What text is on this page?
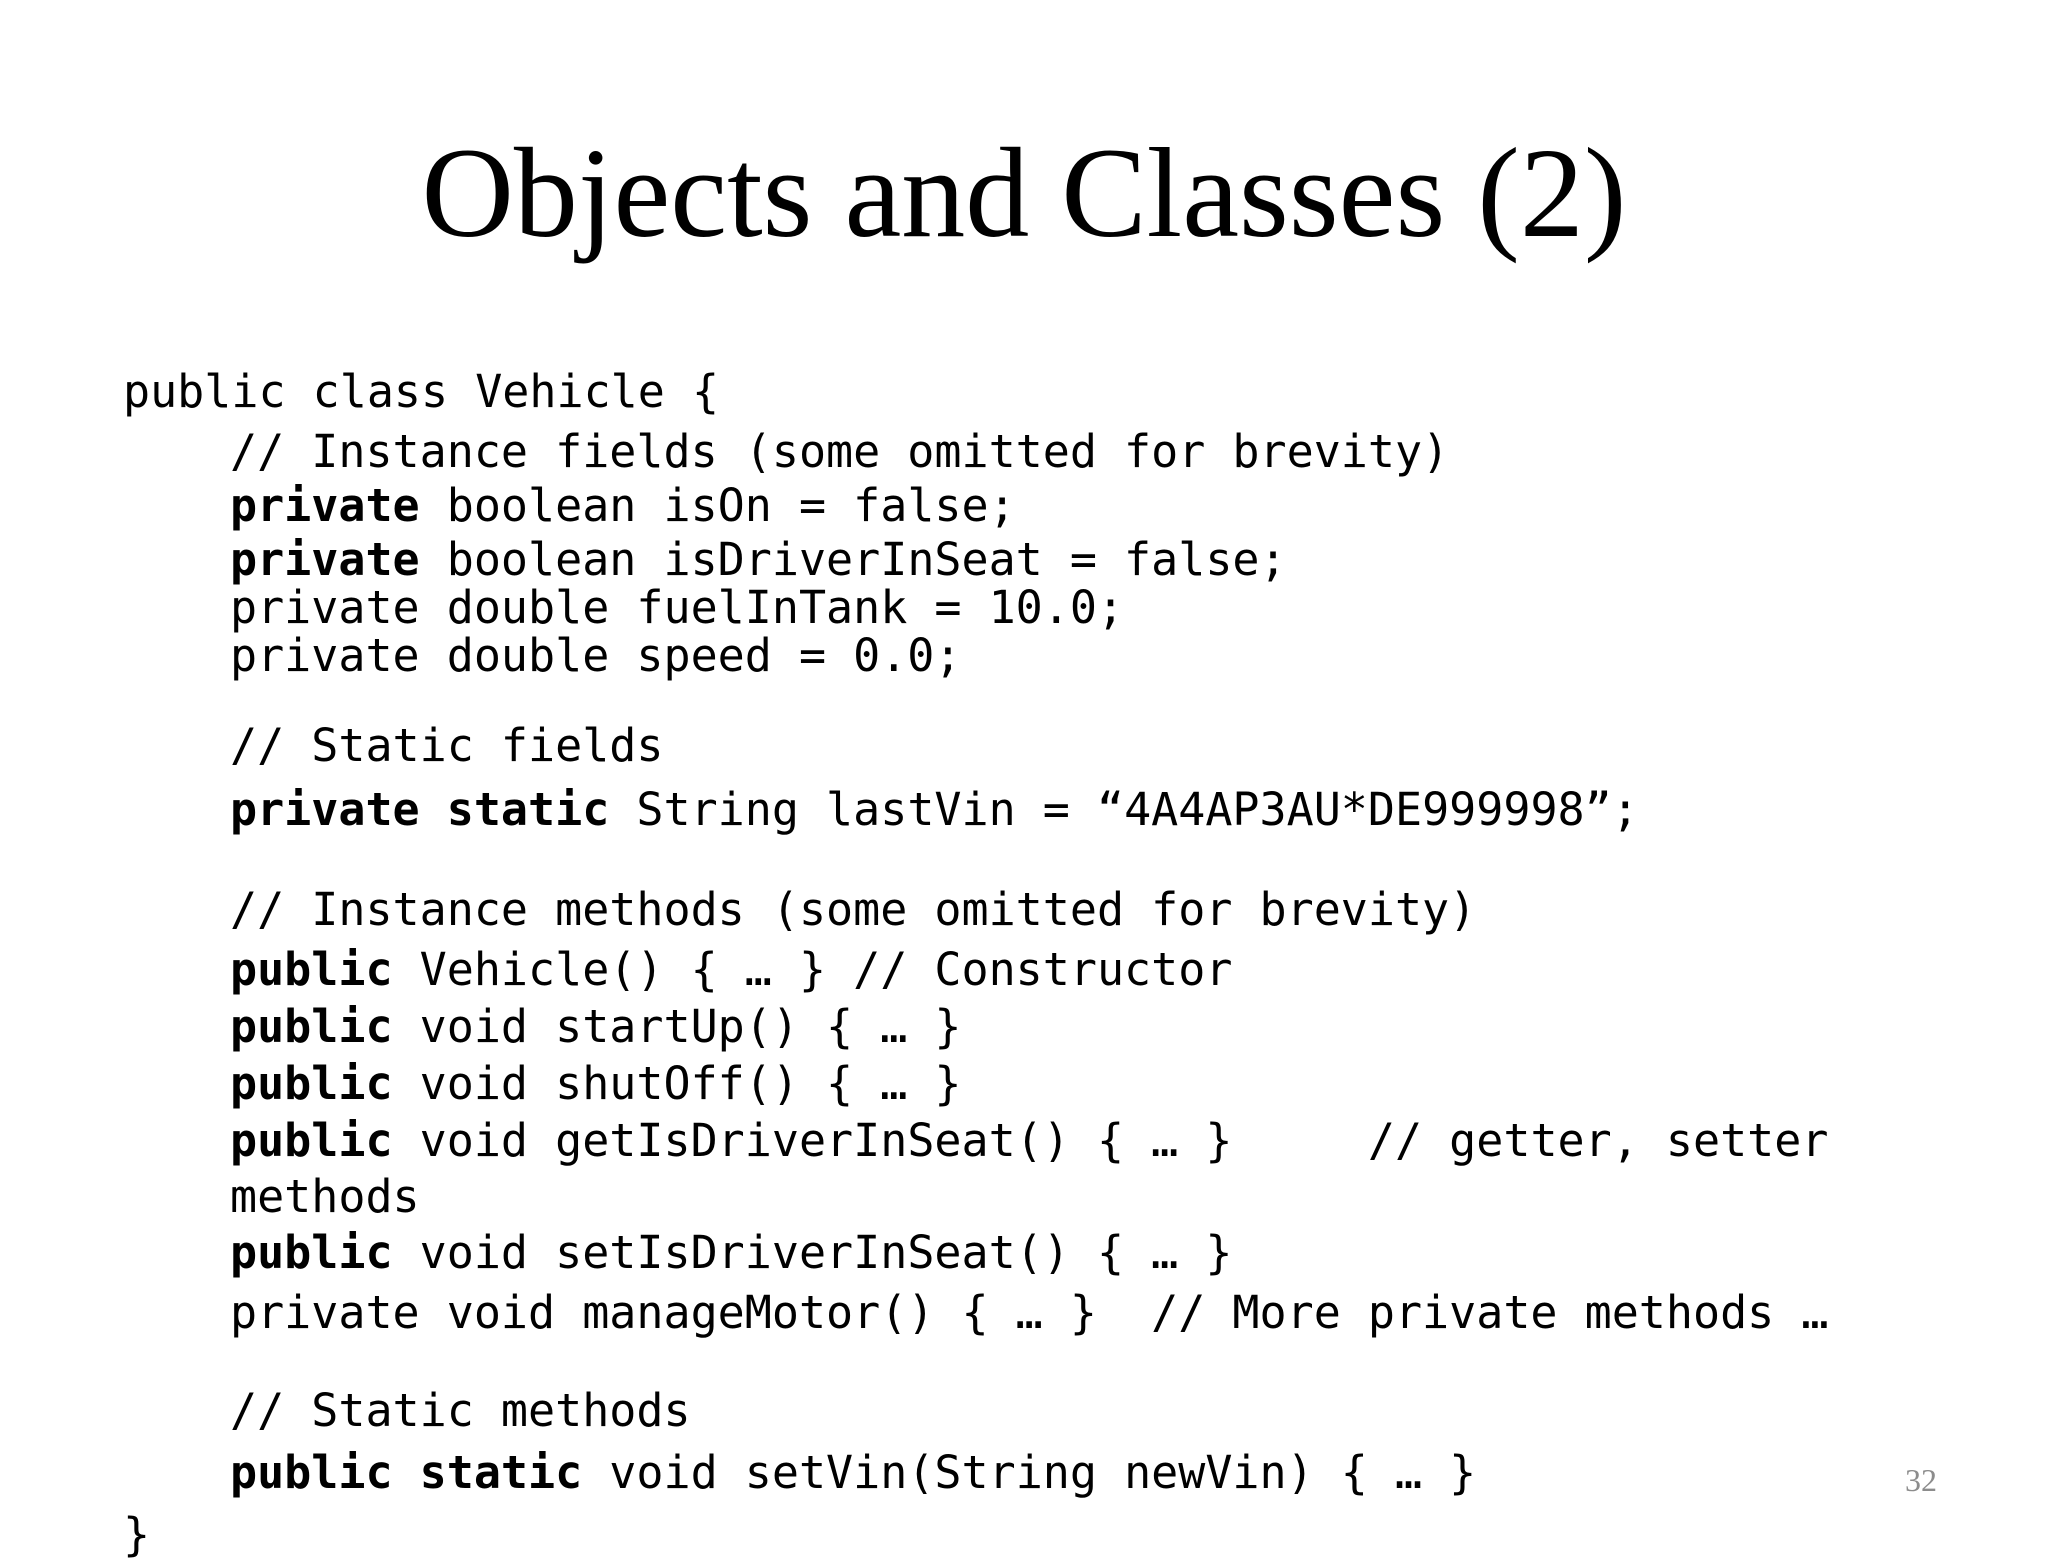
Objects and Classes (2)
public class Vehicle {
// Instance fields (some omitted for brevity)
private boolean isOn = false;
private boolean isDriverInSeat = false;
private double fuelInTank = 10.0;
private double speed = 0.0;
// Static fields
private static String lastVin = “4A4AP3AU*DE999998”;
// Instance methods (some omitted for brevity)
public Vehicle() { … } // Constructor
public void startUp() { … }
public void shutOff() { … }
public void getIsDriverInSeat() { … }     // getter, setter
methods
public void setIsDriverInSeat() { … }
private void manageMotor() { … }  // More private methods …
// Static methods
public static void setVin(String newVin) { … }
}
32
